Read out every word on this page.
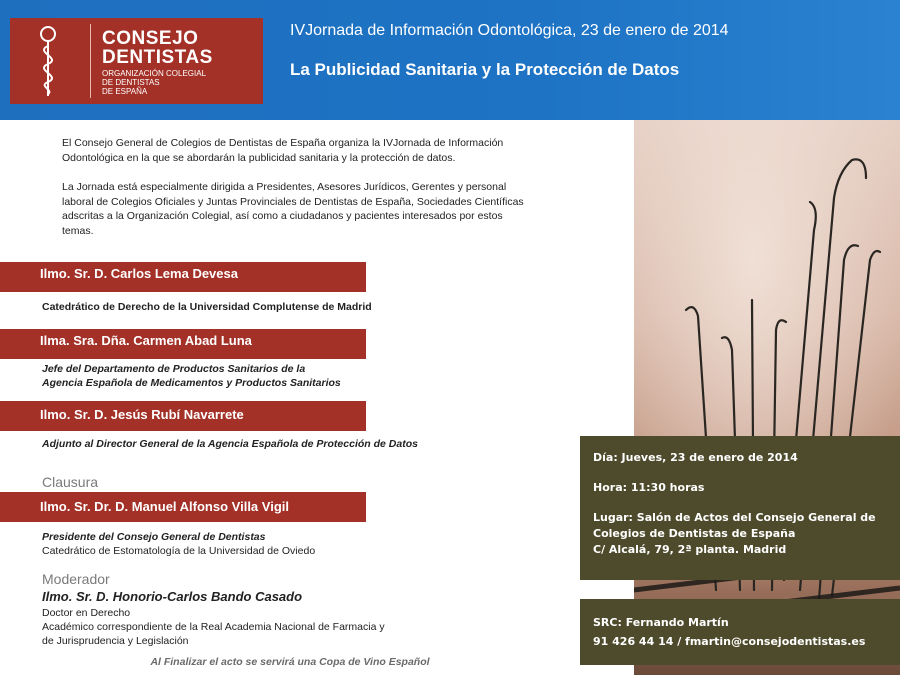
CONSEJO
DENTISTAS
ORGANIZACIÓN COLEGIAL
DE DENTISTAS
DE ESPAÑA
IVJornada de Información Odontológica, 23 de enero de 2014
La Publicidad Sanitaria y la Protección de Datos
El Consejo General de Colegios de Dentistas de España organiza la IVJornada de Información
Odontológica en la que se abordarán la publicidad sanitaria y la protección de datos.
La Jornada está especialmente dirigida a Presidentes, Asesores Jurídicos, Gerentes y personal
laboral de Colegios Oficiales y Juntas Provinciales de Dentistas de España, Sociedades Científicas
adscritas a la Organización Colegial, así como a ciudadanos y pacientes interesados por estos
temas.
Ilmo. Sr. D. Carlos Lema Devesa
Catedrático de Derecho de la Universidad Complutense de Madrid
Ilma. Sra. Dña. Carmen Abad Luna
Jefe del Departamento de Productos Sanitarios de la
Agencia Española de Medicamentos y Productos Sanitarios
Ilmo. Sr. D. Jesús Rubí Navarrete
Adjunto al Director General de la Agencia Española de Protección de Datos
Clausura
Ilmo. Sr. Dr. D. Manuel Alfonso Villa Vigil
Presidente del Consejo General de Dentistas
Catedrático de Estomatología de la Universidad de Oviedo
Moderador
Ilmo. Sr. D. Honorio-Carlos Bando Casado
Doctor en Derecho
Académico correspondiente de la Real Academia Nacional de Farmacia y
de Jurisprudencia y Legislación
Al Finalizar el acto se servirá una Copa de Vino Español
Día: Jueves, 23 de enero de 2014
Hora: 11:30 horas
Lugar: Salón de Actos del Consejo General de
Colegios de Dentistas de España
C/ Alcalá, 79, 2ª planta. Madrid
SRC: Fernando Martín
91 426 44 14 / fmartin@consejodentistas.es
